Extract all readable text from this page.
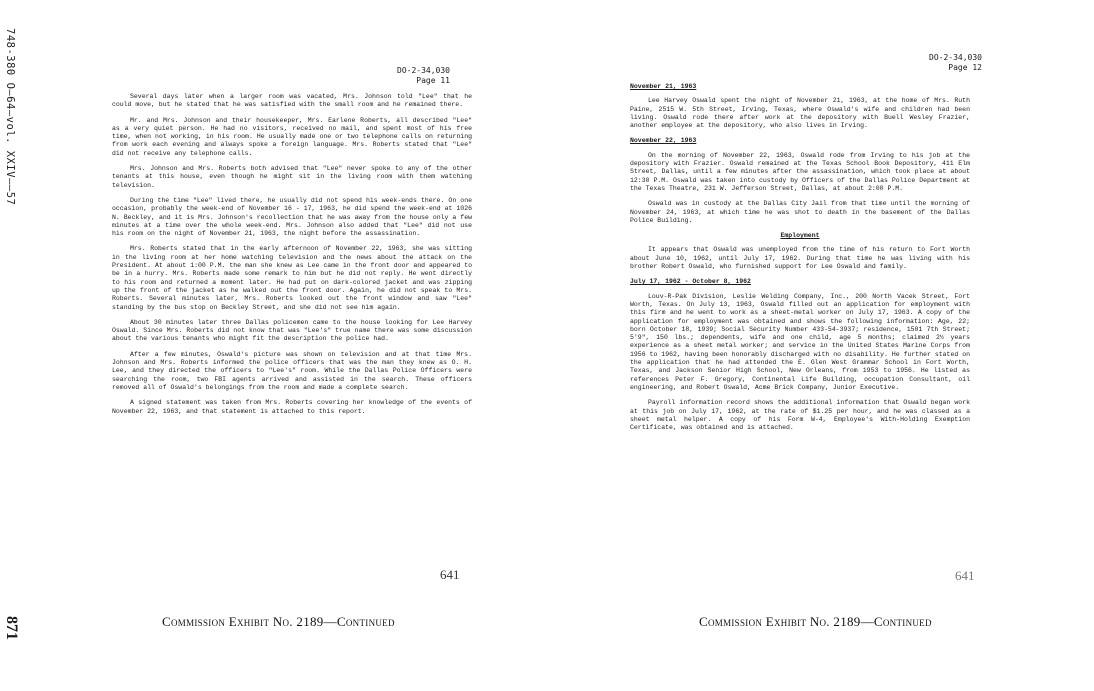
748-380 O—64—vol. XXIV——57
871
DO-2-34,030
Page 11

Several days later when a larger room was vacated, Mrs. Johnson told "Lee" that he could move, but he stated that he was satisfied with the small room and he remained there.

Mr. and Mrs. Johnson and their housekeeper, Mrs. Earlene Roberts, all described "Lee" as a very quiet person. He had no visitors, received no mail, and spent most of his free time, when not working, in his room. He usually made one or two telephone calls on returning from work each evening and always spoke a foreign language. Mrs. Roberts stated that "Lee" did not receive any telephone calls.

Mrs. Johnson and Mrs. Roberts both advised that "Lee" never spoke to any of the other tenants at this house, even though he might sit in the living room with them watching television.

During the time "Lee" lived there, he usually did not spend his week-ends there. On one occasion, probably the week-end of November 16 - 17, 1963, he did spend the week-end at 1026 N. Beckley, and it is Mrs. Johnson's recollection that he was away from the house only a few minutes at a time over the whole week-end. Mrs. Johnson also added that "Lee" did not use his room on the night of November 21, 1963, the night before the assassination.

Mrs. Roberts stated that in the early afternoon of November 22, 1963, she was sitting in the living room at her home watching television and the news about the attack on the President. At about 1:00 P.M. the man she knew as Lee came in the front door and appeared to be in a hurry. Mrs. Roberts made some remark to him but he did not reply. He went directly to his room and returned a moment later. He had put on dark-colored jacket and was zipping up the front of the jacket as he walked out the front door. Again, he did not speak to Mrs. Roberts. Several minutes later, Mrs. Roberts looked out the front window and saw "Lee" standing by the bus stop on Beckley Street, and she did not see him again.

About 30 minutes later three Dallas policemen came to the house looking for Lee Harvey Oswald. Since Mrs. Roberts did not know that was "Lee's" true name there was some discussion about the various tenants who might fit the description the police had.

After a few minutes, Oswald's picture was shown on television and at that time Mrs. Johnson and Mrs. Roberts informed the police officers that was the man they knew as O. H. Lee, and they directed the officers to "Lee's" room. While the Dallas Police Officers were searching the room, two FBI agents arrived and assisted in the search. These officers removed all of Oswald's belongings from the room and made a complete search.

A signed statement was taken from Mrs. Roberts covering her knowledge of the events of November 22, 1963, and that statement is attached to this report.

641
Commission Exhibit No. 2189—Continued
DO-2-34,030
Page 12

November 21, 1963

Lee Harvey Oswald spent the night of November 21, 1963, at the home of Mrs. Ruth Paine, 2515 W. 5th Street, Irving, Texas, where Oswald's wife and children had been living. Oswald rode there after work at the depository with Buell Wesley Frazier, another employee at the depository, who also lives in Irving.

November 22, 1963

On the morning of November 22, 1963, Oswald rode from Irving to his job at the depository with Frazier. Oswald remained at the Texas School Book Depository, 411 Elm Street, Dallas, until a few minutes after the assassination, which took place at about 12:30 P.M. Oswald was taken into custody by Officers of the Dallas Police Department at the Texas Theatre, 231 W. Jefferson Street, Dallas, at about 2:00 P.M.

Oswald was in custody at the Dallas City Jail from that time until the morning of November 24, 1963, at which time he was shot to death in the basement of the Dallas Police Building.

Employment

It appears that Oswald was unemployed from the time of his return to Fort Worth about June 10, 1962, until July 17, 1962. During that time he was living with his brother Robert Oswald, who furnished support for Lee Oswald and family.

July 17, 1962 - October 8, 1962

Louv-R-Pak Division, Leslie Welding Company, Inc., 200 North Vacek Street, Fort Worth, Texas. On July 13, 1963, Oswald filled out an application for employment with this firm and he went to work as a sheet-metal worker on July 17, 1963. A copy of the application for employment was obtained and shows the following information: Age, 22; born October 18, 1939; Social Security Number 433-54-3937; residence, 1501 7th Street; 5'9", 150 lbs.; dependents, wife and one child, age 5 months; claimed 2½ years experience as a sheet metal worker; and service in the United States Marine Corps from 1956 to 1962, having been honorably discharged with no disability. He further stated on the application that he had attended the E. Glen West Grammar School in Fort Worth, Texas, and Jackson Senior High School, New Orleans, from 1953 to 1956. He listed as references Peter F. Gregory, Continental Life Building, occupation Consultant, oil engineering, and Robert Oswald, Acme Brick Company, Junior Executive.

Payroll information record shows the additional information that Oswald began work at this job on July 17, 1962, at the rate of $1.25 per hour, and he was classed as a sheet metal helper. A copy of his Form W-4, Employee's With-Holding Exemption Certificate, was obtained and is attached.

641
Commission Exhibit No. 2189—Continued
